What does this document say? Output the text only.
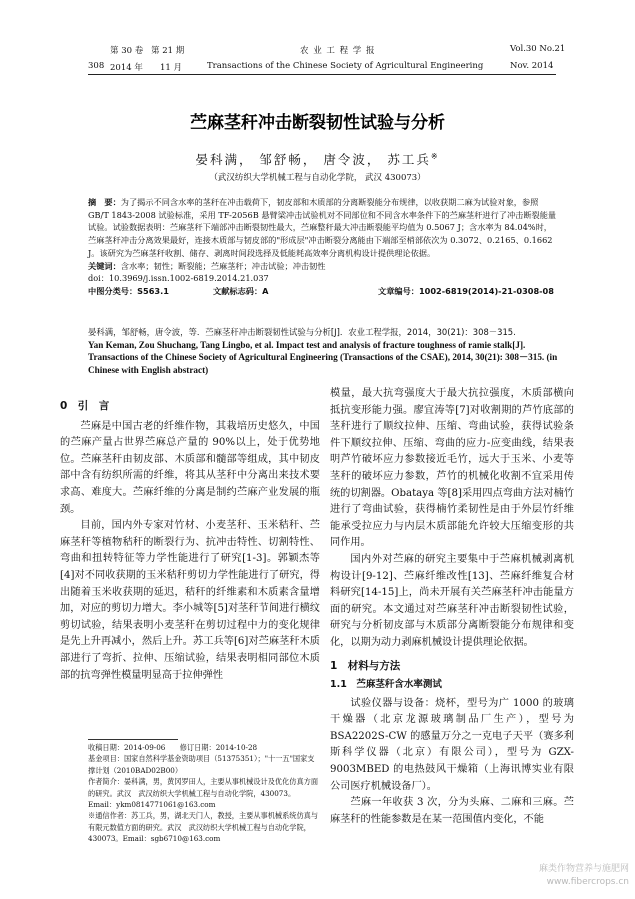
第 30 卷 第 21 期	农 业 工 程 学 报	Vol.30 No.21
308 2014 年 11 月	Transactions of the Chinese Society of Agricultural Engineering	Nov. 2014
苎麻茎秆冲击断裂韧性试验与分析
晏科满， 邹舒畅， 唐令波， 苏工兵※
（武汉纺织大学机械工程与自动化学院， 武汉 430073）

摘　要：为了揭示不同含水率的茎秆在冲击载荷下，韧皮部和木质部的分离断裂能分布规律，以收获期二麻为试验对象，参照 GB/T 1843-2008 试验标准，采用 TF-2056B 悬臂梁冲击试验机对不同部位和不同含水率条件下的苎麻茎秆进行了冲击断裂能量试验。试验数据表明：苎麻茎秆下端部冲击断裂韧性最大，苎麻整秆最大冲击断裂能平均值为 0.5067 J；含水率为 84.04%时，苎麻茎秆冲击分离效果最好，连接木质部与韧皮部的"形成层"冲击断裂分离能由下端部至梢部依次为 0.3072、0.2165、0.1662 J。该研究为苎麻茎秆收割、储存、剥离时间段选择及低能耗高效率分离机构设计提供理论依据。

关键词：含水率；韧性；断裂能；苎麻茎秆；冲击试验；冲击韧性

doi：10.3969/j.issn.1002-6819.2014.21.037

中图分类号：S563.1	文献标志码：A	文章编号：1002-6819(2014)-21-0308-08

晏科满，邹舒畅，唐令波，等．苎麻茎秆冲击断裂韧性试验与分析[J]．农业工程学报，2014，30(21)：308－315.

Yan Keman, Zou Shuchang, Tang Lingbo, et al. Impact test and analysis of fracture toughness of ramie stalk[J]. Transactions of the Chinese Society of Agricultural Engineering (Transactions of the CSAE), 2014, 30(21): 308－315. (in Chinese with English abstract)

0　引　言

苎麻是中国古老的纤维作物，其栽培历史悠久，中国的苎麻产量占世界苎麻总产量的 90%以上，处于优势地位。苎麻茎秆由韧皮部、木质部和髓部等组成，其中韧皮部中含有纺织所需的纤维，将其从茎秆中分离出来技术要求高、难度大。苎麻纤维的分离是制约苎麻产业发展的瓶颈。

目前，国内外专家对竹材、小麦茎秆、玉米秸秆、苎麻茎秆等植物秸秆的断裂行为、抗冲击特性、切割特性、弯曲和扭转特征等力学性能进行了研究[1-3]。郭颖杰等[4]对不同收获期的玉米秸秆剪切力学性能进行了研究，得出随着玉米收获期的延迟，秸秆的纤维素和木质素含量增加，对应的剪切力增大。李小城等[5]对茎秆节间进行横纹剪切试验，结果表明小麦茎秆在剪切过程中力的变化规律是先上升再减小，然后上升。苏工兵等[6]对苎麻茎秆木质部进行了弯折、拉伸、压缩试验，结果表明相同部位木质部的抗弯弹性模量明显高于拉伸弹性

收稿日期：2014-09-06　　修订日期：2014-10-28

基金项目：国家自然科学基金资助项目（51375351）；"十一五"国家支撑计划（2010BAD02B00）

作者简介：晏科满，男，黄冈罗田人，主要从事机械设计及优化仿真方面的研究。武汉　武汉纺织大学机械工程与自动化学院，430073。

Email：ykm0814771061@163.com

※通信作者：苏工兵，男，湖北天门人，教授，主要从事机械系统仿真与有限元数值方面的研究。武汉　武汉纺织大学机械工程与自动化学院，430073。Email：sgb6710@163.com

模量，最大抗弯强度大于最大抗拉强度，木质部横向抵抗变形能力强。廖宜涛等[7]对收割期的芦竹底部的茎秆进行了顺纹拉伸、压缩、弯曲试验，获得试验条件下顺纹拉伸、压缩、弯曲的应力-应变曲线，结果表明芦竹破坏应力参数接近毛竹，远大于玉米、小麦等茎秆的破坏应力参数，芦竹的机械化收割不宜采用传统的切割器。Obataya 等[8]采用四点弯曲方法对楠竹进行了弯曲试验，获得楠竹柔韧性是由于外层竹纤维能承受拉应力与内层木质部能允许较大压缩变形的共同作用。

国内外对苎麻的研究主要集中于苎麻机械剥离机构设计[9-12]、苎麻纤维改性[13]、苎麻纤维复合材料研究[14-15]上，尚未开展有关苎麻茎秆冲击能量方面的研究。本文通过对苎麻茎秆冲击断裂韧性试验，研究与分析韧皮部与木质部分离断裂能分布规律和变化，以期为动力剥麻机械设计提供理论依据。

1　材料与方法

1.1　苎麻茎秆含水率测试

试验仪器与设备：烧杯，型号为广 1000 的玻璃干燥器（北京龙源玻璃制品厂生产），型号为 BSA2202S-CW 的感量万分之一克电子天平（赛多利斯科学仪器（北京）有限公司），型号为 GZX-9003MBED 的电热鼓风干燥箱（上海讯博实业有限公司医疗机械设备厂）。

苎麻一年收获 3 次，分为头麻、二麻和三麻。苎麻茎秆的性能参数是在某一范围值内变化，不能

麻类作物营养与施肥网
www.fibercrops.cn
